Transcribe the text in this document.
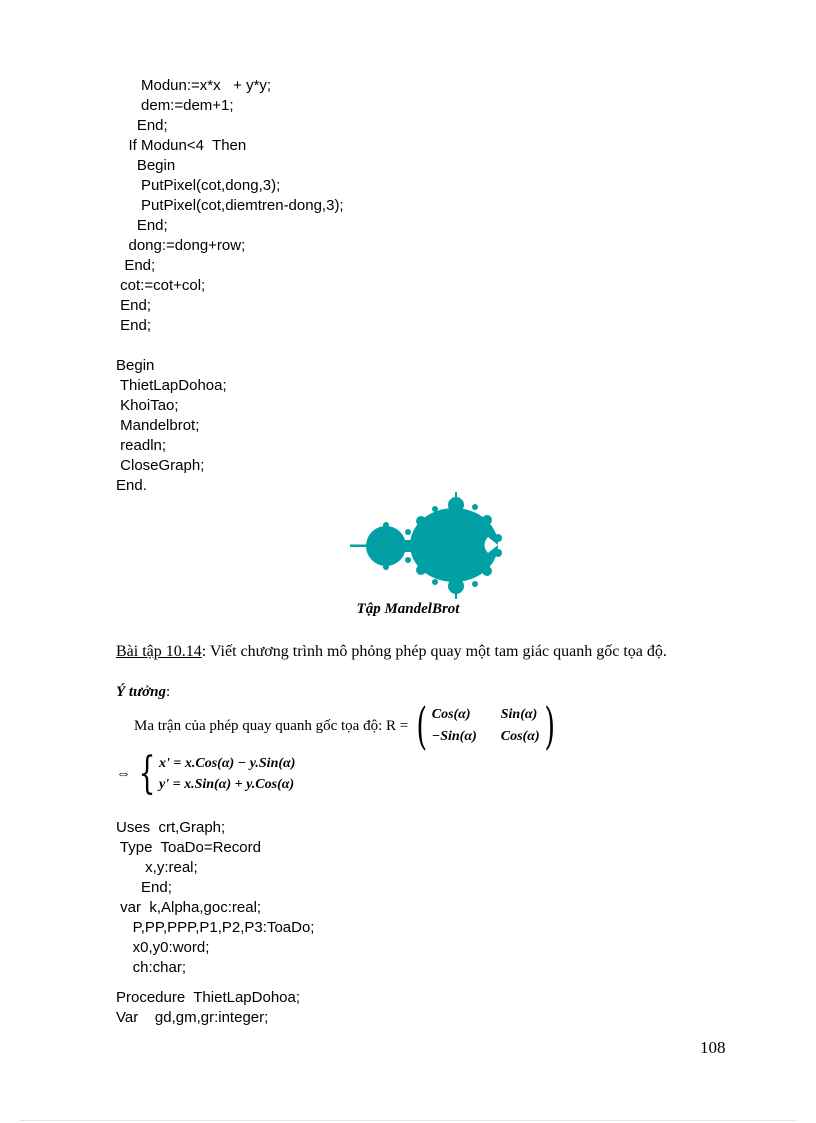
Modun:=x*x   + y*y;
dem:=dem+1;
End;
If Modun<4  Then
Begin
PutPixel(cot,dong,3);
PutPixel(cot,diemtren-dong,3);
End;
dong:=dong+row;
End;
cot:=cot+col;
End;
End;
Begin
ThietLapDohoa;
KhoiTao;
Mandelbrot;
readln;
CloseGraph;
End.
Tập MandelBrot
Bài tập 10.14: Viết chương trình mô phỏng phép quay một tam giác quanh gốc tọa độ.
Ý tưởng:
Ma trận của phép quay quanh gốc tọa độ: R = ( Cos(α)	Sin(α)
−Sin(α) Cos(α) )
⇔ { x' = x.Cos(α) − y.Sin(α)
y' = x.Sin(α) + y.Cos(α)
Uses  crt,Graph;
Type  ToaDo=Record
x,y:real;
End;
var  k,Alpha,goc:real;
P,PP,PPP,P1,P2,P3:ToaDo;
x0,y0:word;
ch:char;
Procedure  ThietLapDohoa;
Var    gd,gm,gr:integer;
108
